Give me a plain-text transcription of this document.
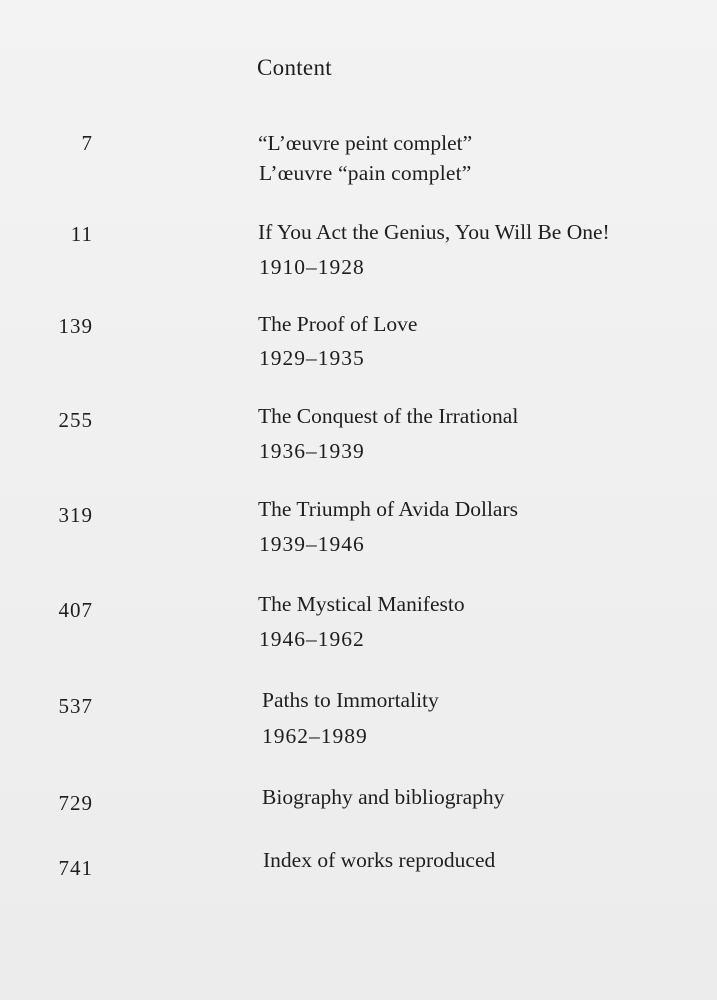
Content
7	“L’œuvre peint complet”
L’œuvre “pain complet”
11	If You Act the Genius, You Will Be One!
1910–1928
139	The Proof of Love
1929–1935
255	The Conquest of the Irrational
1936–1939
319	The Triumph of Avida Dollars
1939–1946
407	The Mystical Manifesto
1946–1962
537	Paths to Immortality
1962–1989
729	Biography and bibliography
741	Index of works reproduced
